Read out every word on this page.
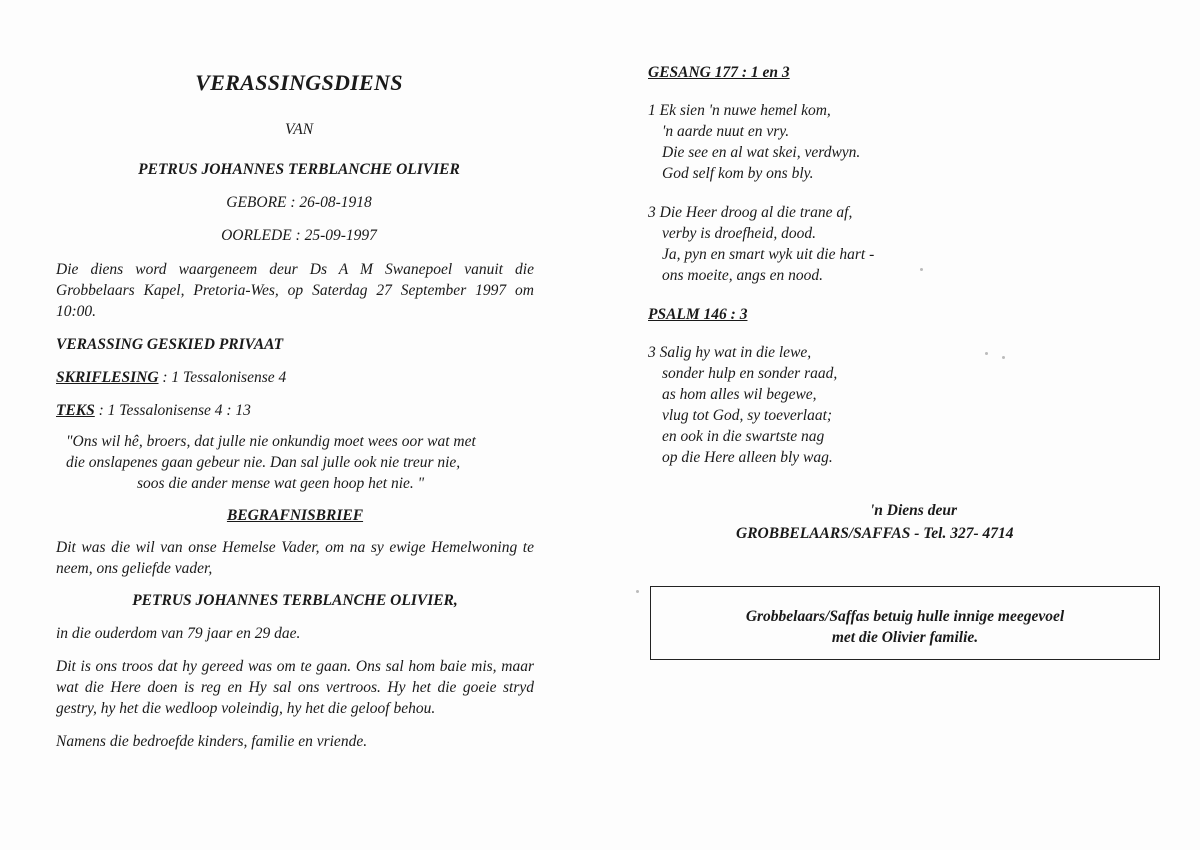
VERASSINGSDIENS

VAN

PETRUS JOHANNES TERBLANCHE OLIVIER

GEBORE : 26-08-1918

OORLEDE : 25-09-1997

Die diens word waargeneem deur Ds A M Swanepoel vanuit die Grobbelaars Kapel, Pretoria-Wes, op Saterdag 27 September 1997 om 10:00.

VERASSING GESKIED PRIVAAT

SKRIFLESING : 1 Tessalonisense 4

TEKS : 1 Tessalonisense 4 : 13

"Ons wil hê, broers, dat julle nie onkundig moet wees oor wat met

die onslapenes gaan gebeur nie. Dan sal julle ook nie treur nie,

soos die ander mense wat geen hoop het nie. "

BEGRAFNISBRIEF

Dit was die wil van onse Hemelse Vader, om na sy ewige Hemelwoning te neem, ons geliefde vader,

PETRUS JOHANNES TERBLANCHE OLIVIER,

in die ouderdom van 79 jaar en 29 dae.

Dit is ons troos dat hy gereed was om te gaan. Ons sal hom baie mis, maar wat die Here doen is reg en Hy sal ons vertroos. Hy het die goeie stryd gestry, hy het die wedloop voleindig, hy het die geloof behou.

Namens die bedroefde kinders, familie en vriende.

GESANG 177 : 1 en 3

1 Ek sien 'n nuwe hemel kom,
'n aarde nuut en vry.
Die see en al wat skei, verdwyn.
God self kom by ons bly.
3 Die Heer droog al die trane af,
verby is droefheid, dood.
Ja, pyn en smart wyk uit die hart -
ons moeite, angs en nood.

PSALM 146 : 3

3 Salig hy wat in die lewe,
sonder hulp en sonder raad,
as hom alles wil begewe,
vlug tot God, sy toeverlaat;
en ook in die swartste nag
op die Here alleen bly wag.

'n Diens deur

GROBBELAARS/SAFFAS - Tel. 327- 4714

Grobbelaars/Saffas betuig hulle innige meegevoel

met die Olivier familie.
